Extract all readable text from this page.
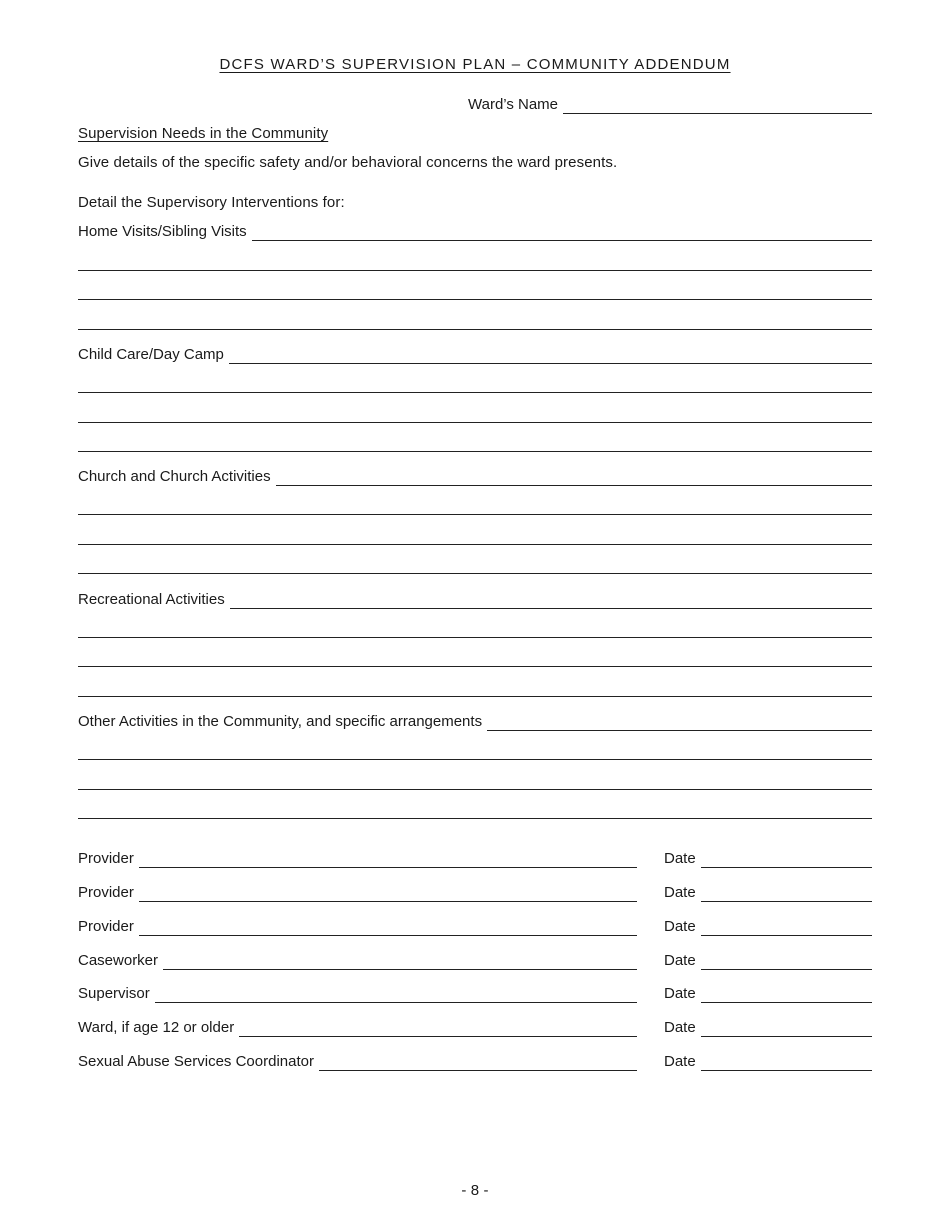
DCFS WARD’S SUPERVISION PLAN – COMMUNITY ADDENDUM
Ward’s Name
Supervision Needs in the Community
Give details of the specific safety and/or behavioral concerns the ward presents.
Detail the Supervisory Interventions for:
Home Visits/Sibling Visits
Child Care/Day Camp
Church and Church Activities
Recreational Activities
Other Activities in the Community, and specific arrangements
Provider	Date
Provider	Date
Provider	Date
Caseworker	Date
Supervisor	Date
Ward, if age 12 or older	Date
Sexual Abuse Services Coordinator	Date
- 8 -
